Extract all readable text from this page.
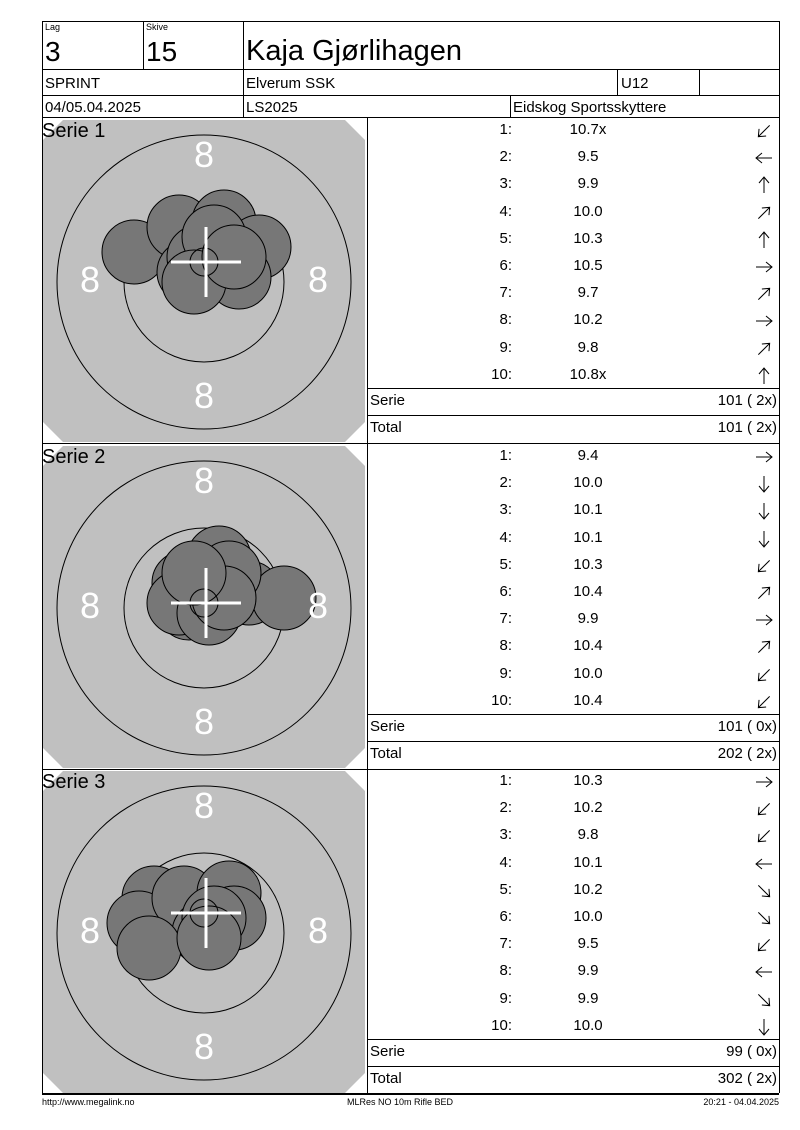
Lag
3
Skive
15 Kaja Gjørlihagen
SPRINT	Elverum SSK	U12
04/05.04.2025	LS2025	Eidskog Sportsskyttere
8
8
8	8
Serie 1	1:	10.7x
2:	9.5
3:	9.9
4:	10.0
5:	10.3
6:	10.5
7:	9.7
8:	10.2
9:	9.8
10:	10.8x
Serie	101 ( 2x)
Total	101 ( 2x)
8
8
8	8
Serie 2	1:	9.4
2:	10.0
3:	10.1
4:	10.1
5:	10.3
6:	10.4
7:	9.9
8:	10.4
9:	10.0
10:	10.4
Serie	101 ( 0x)
Total	202 ( 2x)
8
8
8	8
Serie 3	1:	10.3
2:	10.2
3:	9.8
4:	10.1
5:	10.2
6:	10.0
7:	9.5
8:	9.9
9:	9.9
10:	10.0
Serie	99 ( 0x)
Total	302 ( 2x)
http://www.megalink.no	MLRes NO 10m Rifle BED	20:21 - 04.04.2025
